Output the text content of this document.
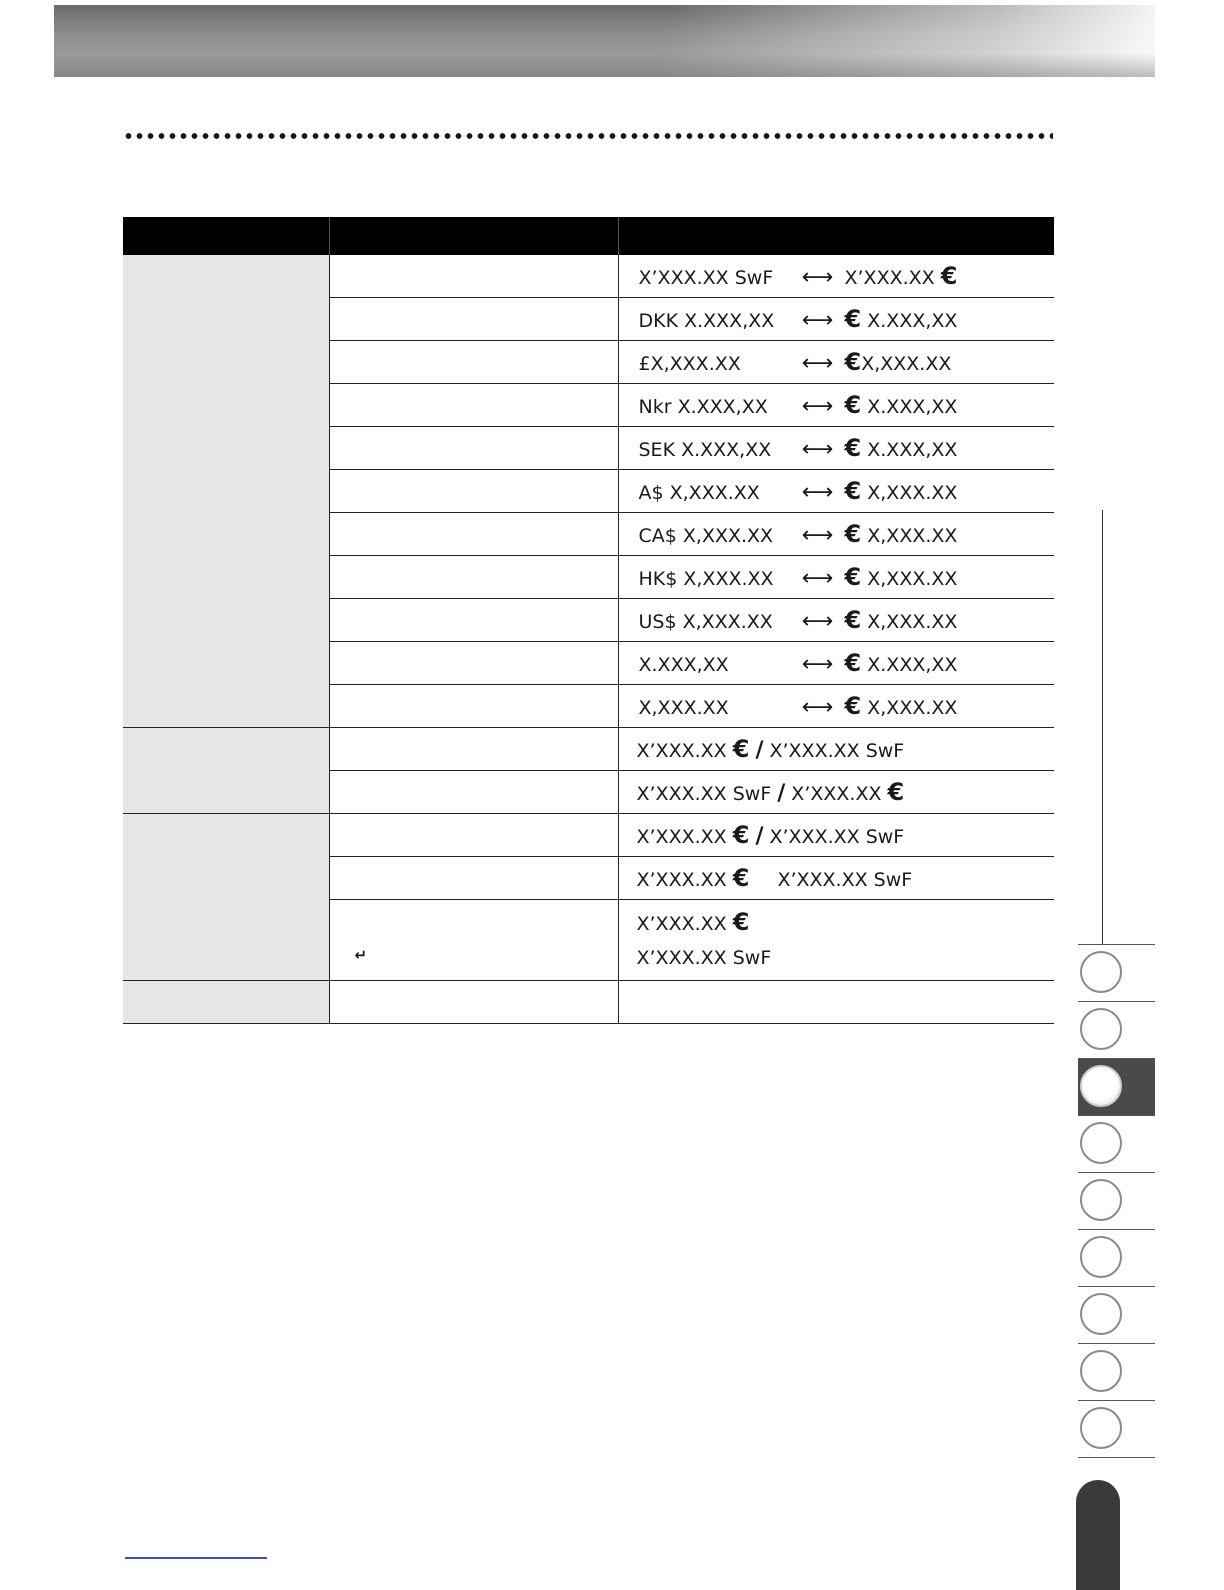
		X’XXX.XX SwF ⟷ X’XXX.XX €

		DKK X.XXX,XX ⟷ € X.XXX,XX

		£X,XXX.XX ⟷ €X,XXX.XX

		Nkr X.XXX,XX ⟷ € X.XXX,XX

		SEK X.XXX,XX ⟷ € X.XXX,XX

		A$ X,XXX.XX ⟷ € X,XXX.XX

		CA$ X,XXX.XX ⟷ € X,XXX.XX

		HK$ X,XXX.XX ⟷ € X,XXX.XX

		US$ X,XXX.XX ⟷ € X,XXX.XX

		X.XXX,XX ⟷ € X.XXX,XX

		X,XXX.XX ⟷ € X,XXX.XX

		X’XXX.XX € / X’XXX.XX SwF

		X’XXX.XX SwF / X’XXX.XX €

		X’XXX.XX € / X’XXX.XX SwF

		X’XXX.XX € X’XXX.XX SwF

	↵	X’XXX.XX €
X’XXX.XX SwF
